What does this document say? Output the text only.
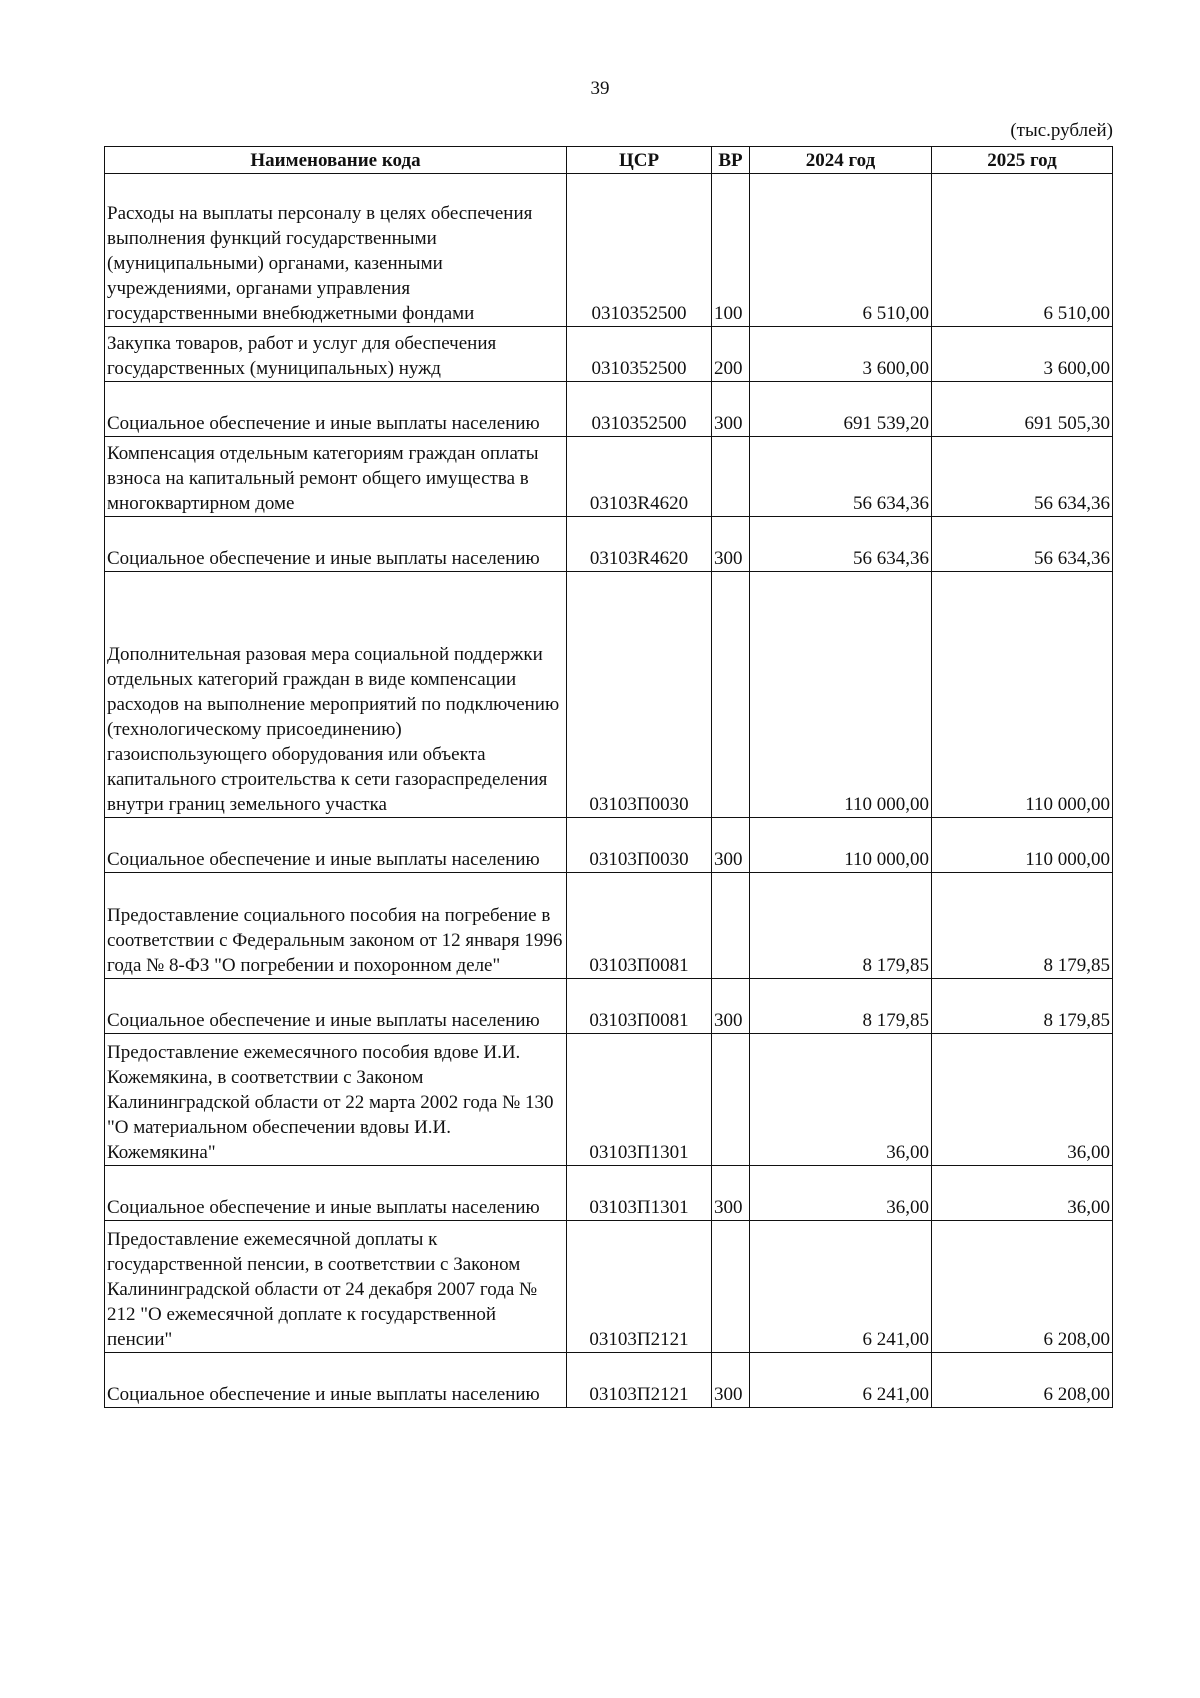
39
(тыс.рублей)
Наименование кода	ЦСР	ВР	2024 год	2025 год
Расходы на выплаты персоналу в целях обеспечения выполнения функций государственными (муниципальными) органами, казенными учреждениями, органами управления государственными внебюджетными фондами	0310352500	100	6 510,00	6 510,00
Закупка товаров, работ и услуг для обеспечения государственных (муниципальных) нужд	0310352500	200	3 600,00	3 600,00
Социальное обеспечение и иные выплаты населению	0310352500	300	691 539,20	691 505,30
Компенсация отдельным категориям граждан оплаты взноса на капитальный ремонт общего имущества в многоквартирном доме	03103R4620		56 634,36	56 634,36
Социальное обеспечение и иные выплаты населению	03103R4620	300	56 634,36	56 634,36
Дополнительная разовая мера социальной поддержки отдельных категорий граждан в виде компенсации расходов на выполнение мероприятий по подключению (технологическому присоединению) газоиспользующего оборудования или объекта капитального строительства к сети газораспределения внутри границ земельного участка	03103П0030		110 000,00	110 000,00
Социальное обеспечение и иные выплаты населению	03103П0030	300	110 000,00	110 000,00
Предоставление социального пособия на погребение в соответствии с Федеральным законом от 12 января 1996 года № 8-ФЗ "О погребении и похоронном деле"	03103П0081		8 179,85	8 179,85
Социальное обеспечение и иные выплаты населению	03103П0081	300	8 179,85	8 179,85
Предоставление ежемесячного пособия вдове И.И. Кожемякина, в соответствии с Законом Калининградской области от 22 марта 2002 года № 130 "О материальном обеспечении вдовы И.И. Кожемякина"	03103П1301		36,00	36,00
Социальное обеспечение и иные выплаты населению	03103П1301	300	36,00	36,00
Предоставление ежемесячной доплаты к государственной пенсии, в соответствии с Законом Калининградской области от 24 декабря 2007 года № 212 "О ежемесячной доплате к государственной пенсии"	03103П2121		6 241,00	6 208,00
Социальное обеспечение и иные выплаты населению	03103П2121	300	6 241,00	6 208,00
